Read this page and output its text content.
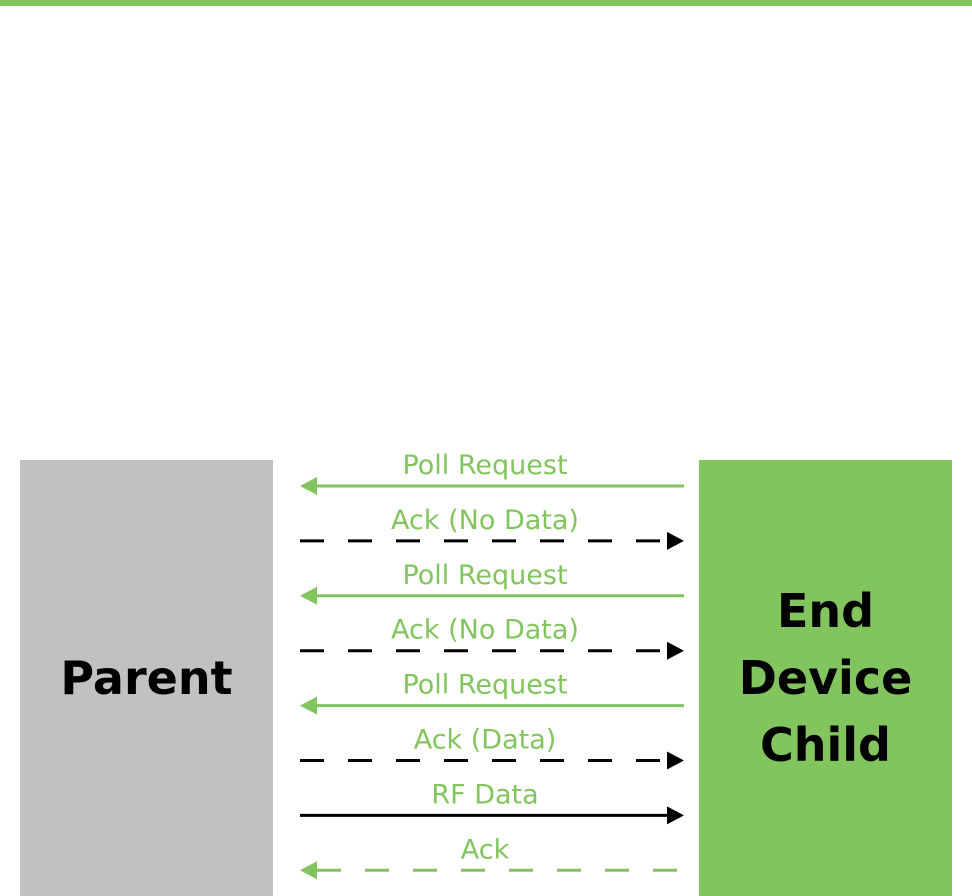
Parent
End
Device
Child
Poll Request
Ack (No Data)
Poll Request
Ack (No Data)
Poll Request
Ack (Data)
RF Data
Ack
